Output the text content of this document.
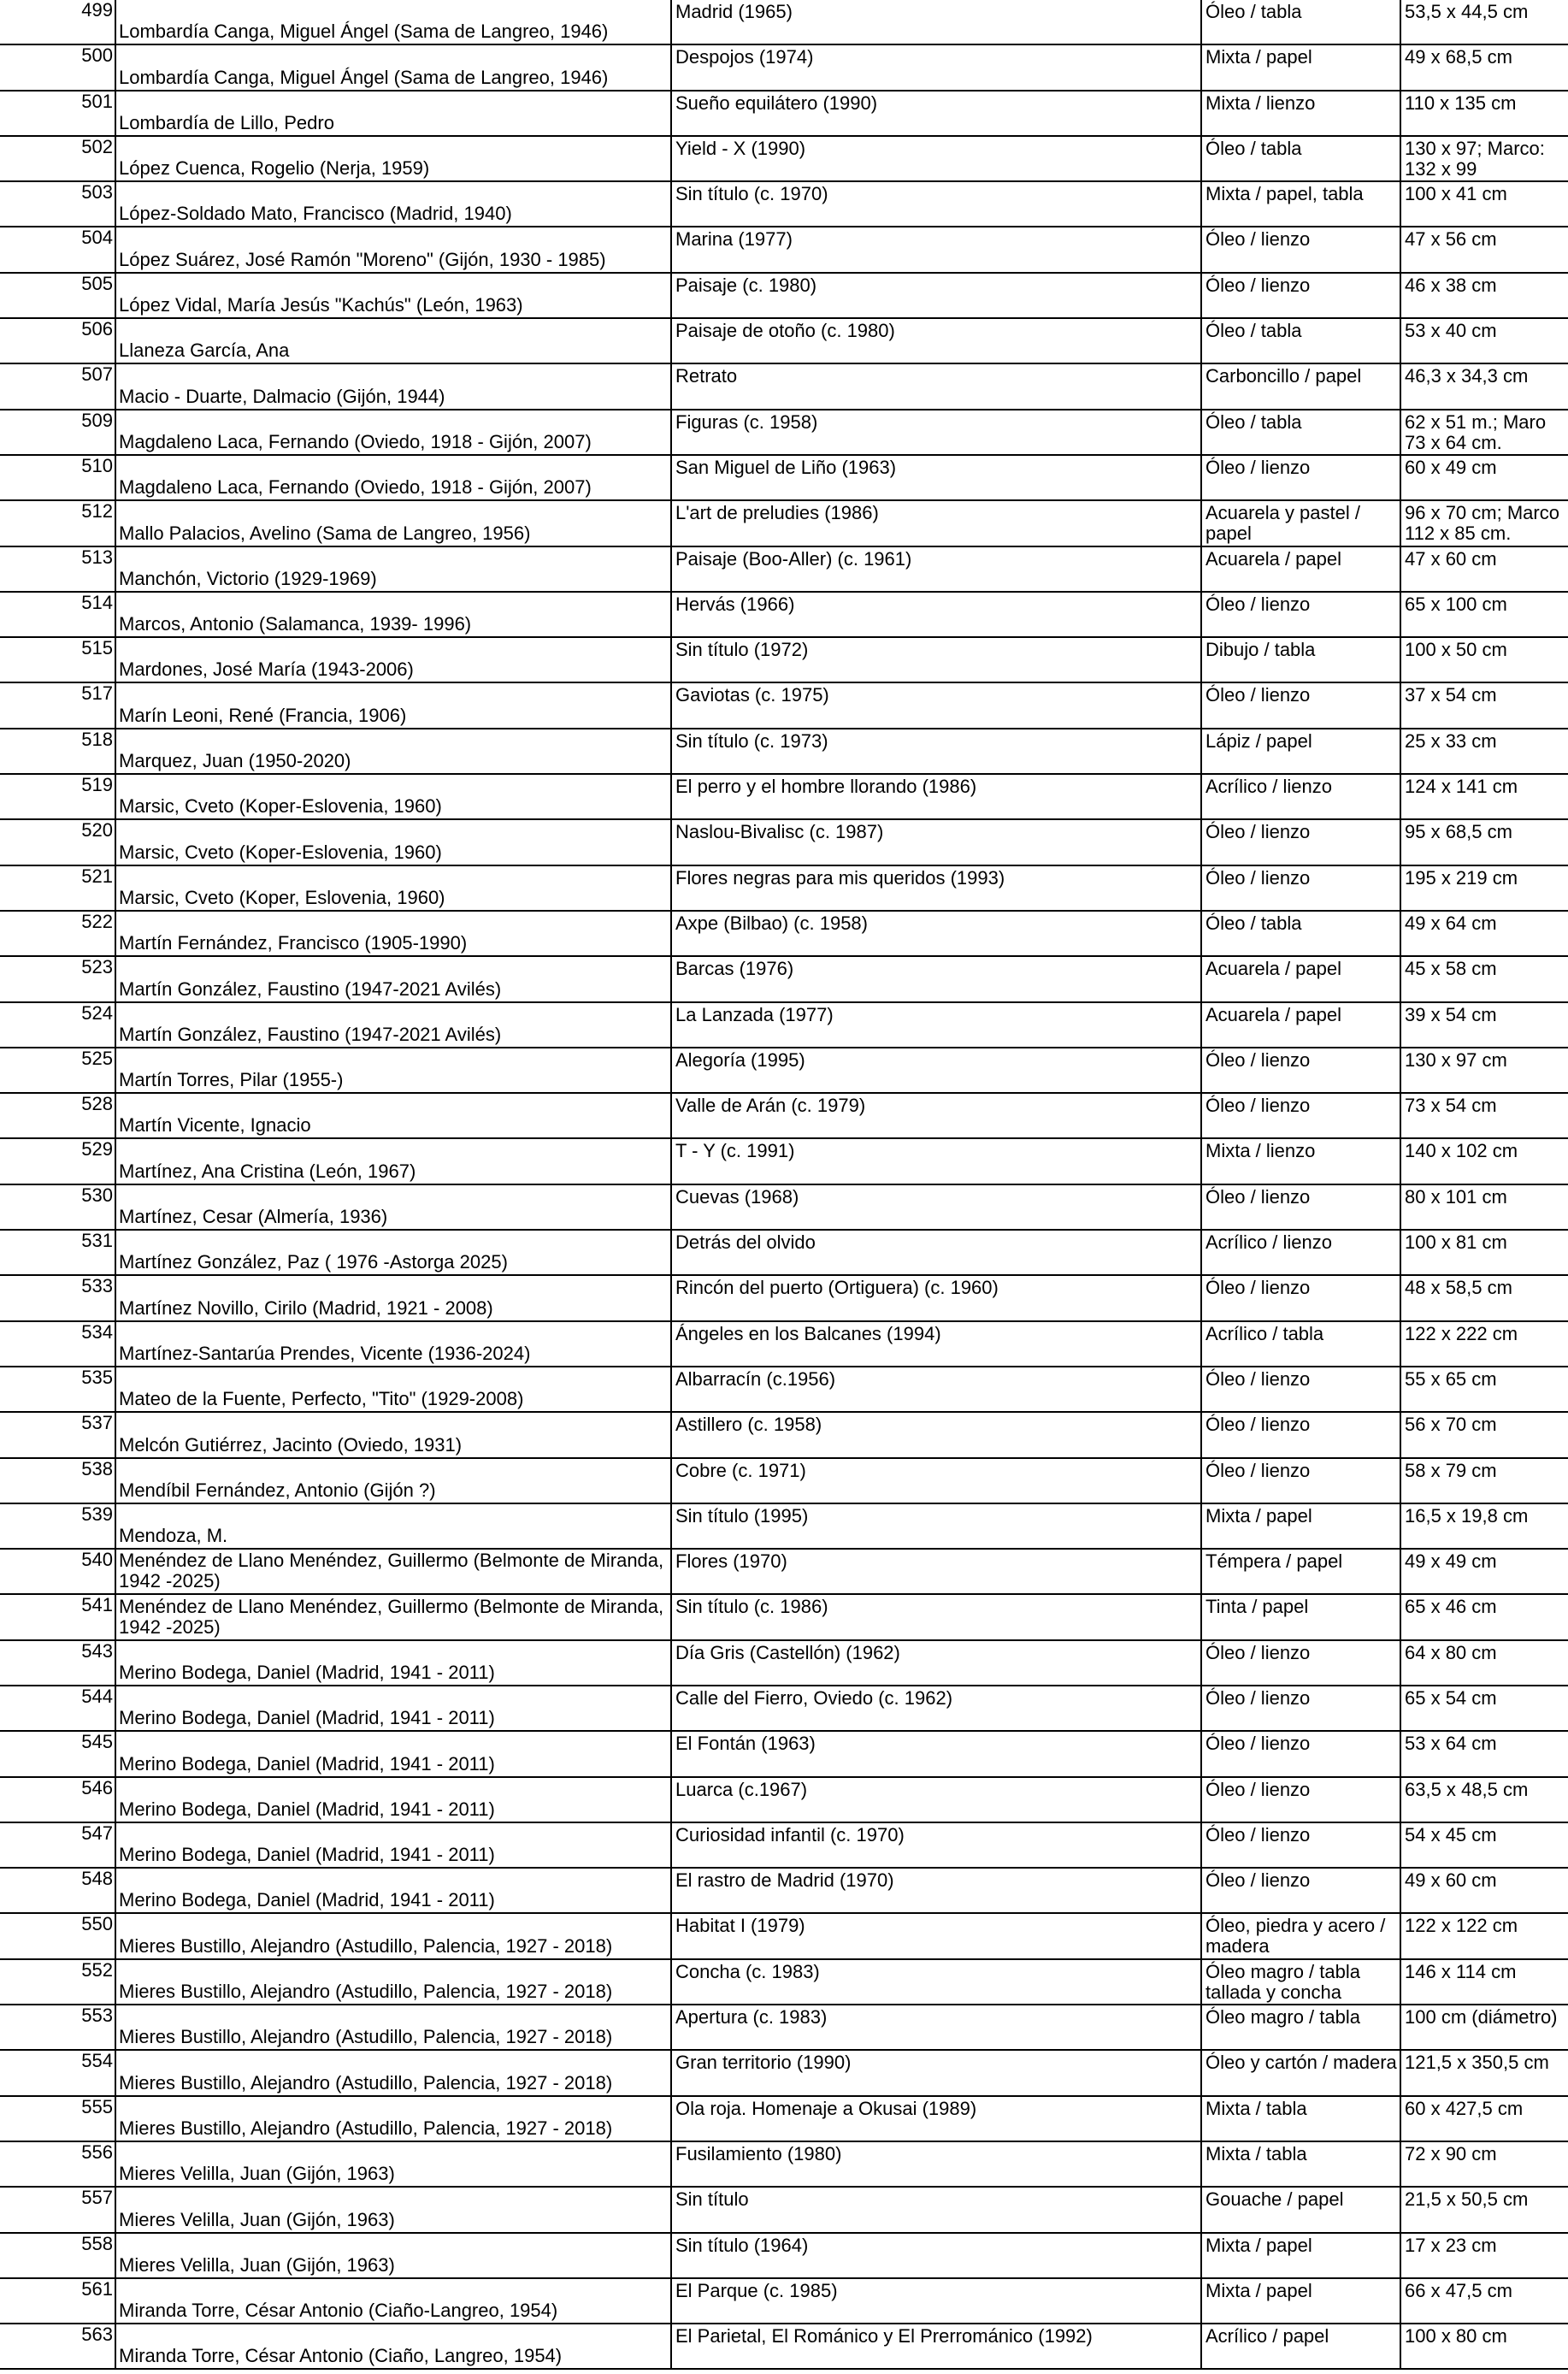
499	Lombardía Canga, Miguel Ángel (Sama de Langreo, 1946)	Madrid (1965)	Óleo / tabla	53,5 x 44,5 cm

500	Lombardía Canga, Miguel Ángel (Sama de Langreo, 1946)	Despojos (1974)	Mixta / papel	49 x 68,5 cm

501	Lombardía de Lillo, Pedro	Sueño equilátero (1990)	Mixta / lienzo	110 x 135 cm

502	López Cuenca, Rogelio (Nerja, 1959)	Yield - X (1990)	Óleo / tabla	130 x 97; Marco: 132 x 99

503	López-Soldado Mato, Francisco (Madrid, 1940)	Sin título (c. 1970)	Mixta / papel, tabla	100 x 41 cm

504	López Suárez, José Ramón "Moreno" (Gijón, 1930 - 1985)	Marina (1977)	Óleo / lienzo	47 x 56 cm

505	López Vidal, María Jesús "Kachús" (León, 1963)	Paisaje (c. 1980)	Óleo / lienzo	46 x 38 cm

506	Llaneza García, Ana	Paisaje de otoño (c. 1980)	Óleo / tabla	53 x 40 cm

507	Macio - Duarte, Dalmacio (Gijón, 1944)	Retrato	Carboncillo / papel	46,3 x 34,3 cm

509	Magdaleno Laca, Fernando (Oviedo, 1918 - Gijón, 2007)	Figuras (c. 1958)	Óleo / tabla	62 x 51 m.; Maro 73 x 64 cm.

510	Magdaleno Laca, Fernando (Oviedo, 1918 - Gijón, 2007)	San Miguel de Liño (1963)	Óleo / lienzo	60 x 49 cm

512	Mallo Palacios, Avelino (Sama de Langreo, 1956)	L'art de preludies (1986)	Acuarela y pastel / papel	96 x 70 cm; Marco 112 x 85 cm.

513	Manchón, Victorio (1929-1969)	Paisaje (Boo-Aller) (c. 1961)	Acuarela / papel	47 x 60 cm

514	Marcos, Antonio (Salamanca, 1939- 1996)	Hervás (1966)	Óleo / lienzo	65 x 100 cm

515	Mardones, José María (1943-2006)	Sin título (1972)	Dibujo / tabla	100 x 50 cm

517	Marín Leoni, René (Francia, 1906)	Gaviotas (c. 1975)	Óleo / lienzo	37 x 54 cm

518	Marquez, Juan (1950-2020)	Sin título (c. 1973)	Lápiz / papel	25 x 33 cm

519	Marsic, Cveto (Koper-Eslovenia, 1960)	El perro y el hombre llorando (1986)	Acrílico / lienzo	124 x 141 cm

520	Marsic, Cveto (Koper-Eslovenia, 1960)	Naslou-Bivalisc (c. 1987)	Óleo / lienzo	95 x 68,5 cm

521	Marsic, Cveto (Koper, Eslovenia, 1960)	Flores negras para mis queridos (1993)	Óleo / lienzo	195 x 219 cm

522	Martín Fernández, Francisco (1905-1990)	Axpe (Bilbao) (c. 1958)	Óleo / tabla	49 x 64 cm

523	Martín González, Faustino (1947-2021 Avilés)	Barcas (1976)	Acuarela / papel	45 x 58 cm

524	Martín González, Faustino (1947-2021 Avilés)	La Lanzada (1977)	Acuarela / papel	39 x 54 cm

525	Martín Torres, Pilar (1955-)	Alegoría (1995)	Óleo / lienzo	130 x 97 cm

528	Martín Vicente, Ignacio	Valle de Arán (c. 1979)	Óleo / lienzo	73 x 54 cm

529	Martínez, Ana Cristina (León, 1967)	T - Y (c. 1991)	Mixta / lienzo	140 x 102 cm

530	Martínez, Cesar (Almería, 1936)	Cuevas (1968)	Óleo / lienzo	80 x 101 cm

531	Martínez González, Paz ( 1976 -Astorga 2025)	Detrás del olvido	Acrílico / lienzo	100 x 81 cm

533	Martínez Novillo, Cirilo (Madrid, 1921 - 2008)	Rincón del puerto (Ortiguera) (c. 1960)	Óleo / lienzo	48 x 58,5 cm

534	Martínez-Santarúa Prendes, Vicente (1936-2024)	Ángeles en los Balcanes (1994)	Acrílico / tabla	122 x 222 cm

535	Mateo de la Fuente, Perfecto, "Tito" (1929-2008)	Albarracín (c.1956)	Óleo / lienzo	55 x 65 cm

537	Melcón Gutiérrez, Jacinto (Oviedo, 1931)	Astillero (c. 1958)	Óleo / lienzo	56 x 70 cm

538	Mendíbil Fernández, Antonio (Gijón ?)	Cobre (c. 1971)	Óleo / lienzo	58 x 79 cm

539	Mendoza, M.	Sin título (1995)	Mixta / papel	16,5 x 19,8 cm

540	Menéndez de Llano Menéndez, Guillermo (Belmonte de Miranda, 1942 -2025)	Flores (1970)	Témpera / papel	49 x 49 cm

541	Menéndez de Llano Menéndez, Guillermo (Belmonte de Miranda, 1942 -2025)	Sin título (c. 1986)	Tinta / papel	65 x 46 cm

543	Merino Bodega, Daniel (Madrid, 1941 - 2011)	Día Gris (Castellón) (1962)	Óleo / lienzo	64 x 80 cm

544	Merino Bodega, Daniel (Madrid, 1941 - 2011)	Calle del Fierro, Oviedo (c. 1962)	Óleo / lienzo	65 x 54 cm

545	Merino Bodega, Daniel (Madrid, 1941 - 2011)	El Fontán (1963)	Óleo / lienzo	53 x 64 cm

546	Merino Bodega, Daniel (Madrid, 1941 - 2011)	Luarca (c.1967)	Óleo / lienzo	63,5 x 48,5 cm

547	Merino Bodega, Daniel (Madrid, 1941 - 2011)	Curiosidad infantil (c. 1970)	Óleo / lienzo	54 x 45 cm

548	Merino Bodega, Daniel (Madrid, 1941 - 2011)	El rastro de Madrid (1970)	Óleo / lienzo	49 x 60 cm

550	Mieres Bustillo, Alejandro (Astudillo, Palencia, 1927 - 2018)	Habitat I (1979)	Óleo, piedra y acero / madera	122 x 122 cm

552	Mieres Bustillo, Alejandro (Astudillo, Palencia, 1927 - 2018)	Concha (c. 1983)	Óleo magro / tabla tallada y concha	146 x 114 cm

553	Mieres Bustillo, Alejandro (Astudillo, Palencia, 1927 - 2018)	Apertura (c. 1983)	Óleo magro / tabla	100 cm (diámetro)

554	Mieres Bustillo, Alejandro (Astudillo, Palencia, 1927 - 2018)	Gran territorio (1990)	Óleo y cartón / madera	121,5 x 350,5 cm

555	Mieres Bustillo, Alejandro (Astudillo, Palencia, 1927 - 2018)	Ola roja. Homenaje a Okusai (1989)	Mixta / tabla	60 x 427,5 cm

556	Mieres Velilla, Juan (Gijón, 1963)	Fusilamiento (1980)	Mixta / tabla	72 x 90 cm

557	Mieres Velilla, Juan (Gijón, 1963)	Sin título	Gouache / papel	21,5 x 50,5 cm

558	Mieres Velilla, Juan (Gijón, 1963)	Sin título (1964)	Mixta / papel	17 x 23 cm

561	Miranda Torre, César Antonio (Ciaño-Langreo, 1954)	El Parque (c. 1985)	Mixta / papel	66 x 47,5 cm

563	Miranda Torre, César Antonio (Ciaño, Langreo, 1954)	El Parietal, El Románico y El Prerrománico (1992)	Acrílico / papel	100 x 80 cm
